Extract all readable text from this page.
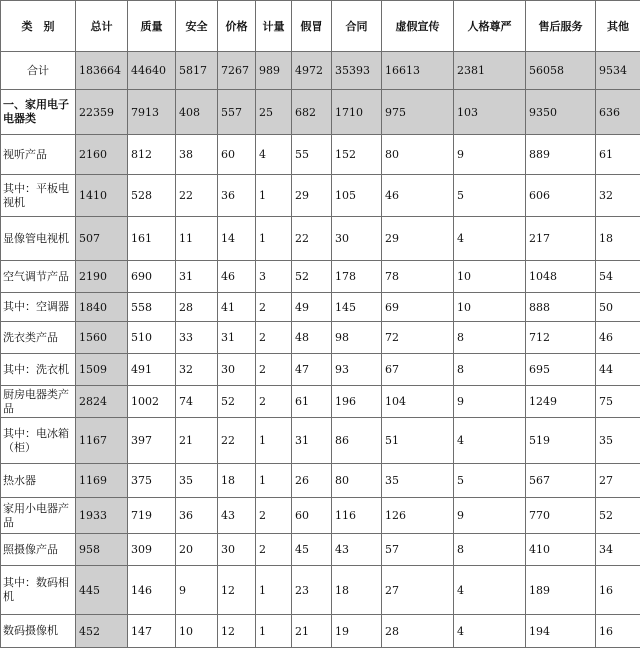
类　别	总计	质量	安全	价格	计量	假冒	合同	虚假宣传	人格尊严	售后服务	其他
合计	183664	44640	5817	7267	989	4972	35393	16613	2381	56058	9534
一、家用电子电器类	22359	7913	408	557	25	682	1710	975	103	9350	636
视听产品	2160	812	38	60	4	55	152	80	9	889	61
其中：平板电视机	1410	528	22	36	1	29	105	46	5	606	32
显像管电视机	507	161	11	14	1	22	30	29	4	217	18
空气调节产品	2190	690	31	46	3	52	178	78	10	1048	54
其中：空调器	1840	558	28	41	2	49	145	69	10	888	50
洗衣类产品	1560	510	33	31	2	48	98	72	8	712	46
其中：洗衣机	1509	491	32	30	2	47	93	67	8	695	44
厨房电器类产品	2824	1002	74	52	2	61	196	104	9	1249	75
其中：电冰箱（柜）	1167	397	21	22	1	31	86	51	4	519	35
热水器	1169	375	35	18	1	26	80	35	5	567	27
家用小电器产品	1933	719	36	43	2	60	116	126	9	770	52
照摄像产品	958	309	20	30	2	45	43	57	8	410	34
其中：数码相机	445	146	9	12	1	23	18	27	4	189	16
数码摄像机	452	147	10	12	1	21	19	28	4	194	16
